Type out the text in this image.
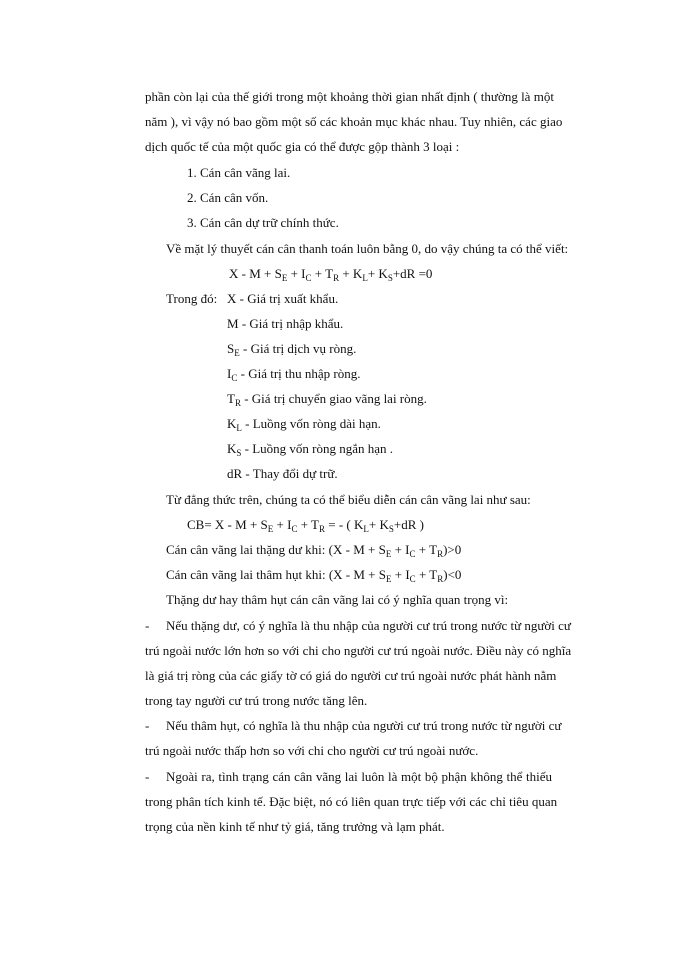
phần còn lại của thế giới trong một khoảng thời gian nhất định ( thường là một
năm ), vì vậy nó bao gồm một số các khoản mục khác nhau. Tuy nhiên, các giao
dịch quốc tế của một quốc gia có thể được gộp thành 3 loại :
1. Cán cân vãng lai.
2. Cán cân vốn.
3. Cán cân dự trữ chính thức.
Về mặt lý thuyết cán cân thanh toán luôn bằng 0, do vậy chúng ta có thể viết:
$X - M + S_E + I_C + T_R + K_L+ K_S+dR =0$
Trong đó: X - Giá trị xuất khẩu.
M - Giá trị nhập khẩu.
$S_E$ - Giá trị dịch vụ ròng.
$I_C$ - Giá trị thu nhập ròng.
$T_R$ - Giá trị chuyển giao vãng lai ròng.
$K_L$ - Luồng vốn ròng dài hạn.
$K_S$ - Luồng vốn ròng ngắn hạn .
dR - Thay đổi dự trữ.
Từ đẳng thức trên, chúng ta có thể biểu diễn cán cân vãng lai như sau:
$CB= X - M + S_E + I_C + T_R$ = - ( $K_L+ K_S+dR$ )
Cán cân vãng lai thặng dư khi: $(X - M + S_E + I_C + T_R)>0$
Cán cân vãng lai thâm hụt khi: $(X - M + S_E + I_C + T_R)<0$
Thặng dư hay thâm hụt cán cân vãng lai có ý nghĩa quan trọng vì:
- Nếu thặng dư, có ý nghĩa là thu nhập của người cư trú trong nước từ người cư
trú ngoài nước lớn hơn so với chi cho người cư trú ngoài nước. Điều này có nghĩa
là giá trị ròng của các giấy tờ có giá do người cư trú ngoài nước phát hành nằm
trong tay người cư trú trong nước tăng lên.
- Nếu thâm hụt, có nghĩa là thu nhập của người cư trú trong nước từ người cư
trú ngoài nước thấp hơn so với chi cho người cư trú ngoài nước.
- Ngoài ra, tình trạng cán cân vãng lai luôn là một bộ phận không thể thiếu
trong phân tích kinh tế. Đặc biệt, nó có liên quan trực tiếp với các chỉ tiêu quan
trọng của nền kinh tế như tỷ giá, tăng trưởng và lạm phát.
